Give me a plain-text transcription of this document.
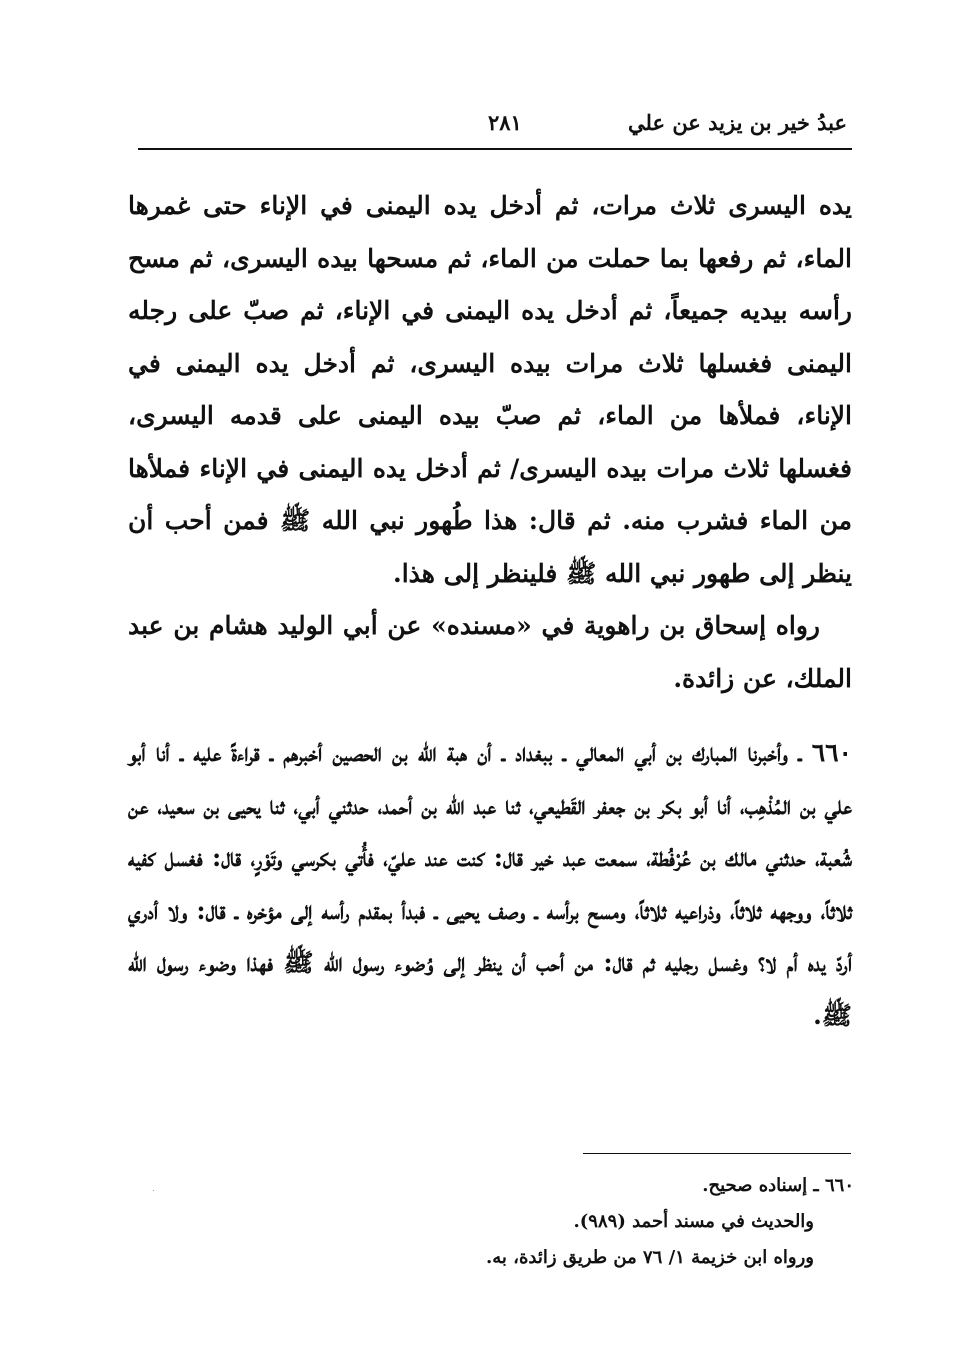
عبدُ خير بن يزيد عن علي
٢٨١

يده اليسرى ثلاث مرات، ثم أدخل يده اليمنى في الإناء حتى غمرها الماء، ثم رفعها بما حملت من الماء، ثم مسحها بيده اليسرى، ثم مسح رأسه بيديه جميعاً، ثم أدخل يده اليمنى في الإناء، ثم صبّ على رجله اليمنى فغسلها ثلاث مرات بيده اليسرى، ثم أدخل يده اليمنى في الإناء، فملأها من الماء، ثم صبّ بيده اليمنى على قدمه اليسرى، فغسلها ثلاث مرات بيده اليسرى/ ثم أدخل يده اليمنى في الإناء فملأها من الماء فشرب منه. ثم قال: هذا طُهور نبي الله ﷺ فمن أحب أن ينظر إلى طهور نبي الله ﷺ فلينظر إلى هذا.

رواه إسحاق بن راهوية في «مسنده» عن أبي الوليد هشام بن عبد الملك، عن زائدة.

٦٦٠ ـ وأخبرنا المبارك بن أبي المعالي ـ ببغداد ـ أن هبة الله بن الحصين أخبرهم ـ قراءةً عليه ـ أنا أبو علي بن المُذْهِب، أنا أبو بكر بن جعفر القَطيعي، ثنا عبد الله بن أحمد، حدثني أبي، ثنا يحيى بن سعيد، عن شُعبة، حدثني مالك بن عُرْفُطة، سمعت عبد خير قال: كنت عند عليّ، فأُتي بكرسي وتَوْرٍ، قال: فغسل كفيه ثلاثاً، ووجهه ثلاثاً، وذراعيه ثلاثاً، ومسح برأسه ـ وصف يحيى ـ فبدأ بمقدم رأسه إلى مؤخره ـ قال: ولا أدري أردّ يده أم لا؟ وغسل رجليه ثم قال: من أحب أن ينظر إلى وُضوء رسول الله ﷺ فهذا وضوء رسول الله ﷺ.

٦٦٠ ـ إسناده صحيح.

والحديث في مسند أحمد (٩٨٩).

ورواه ابن خزيمة ١/ ٧٦ من طريق زائدة، به.
